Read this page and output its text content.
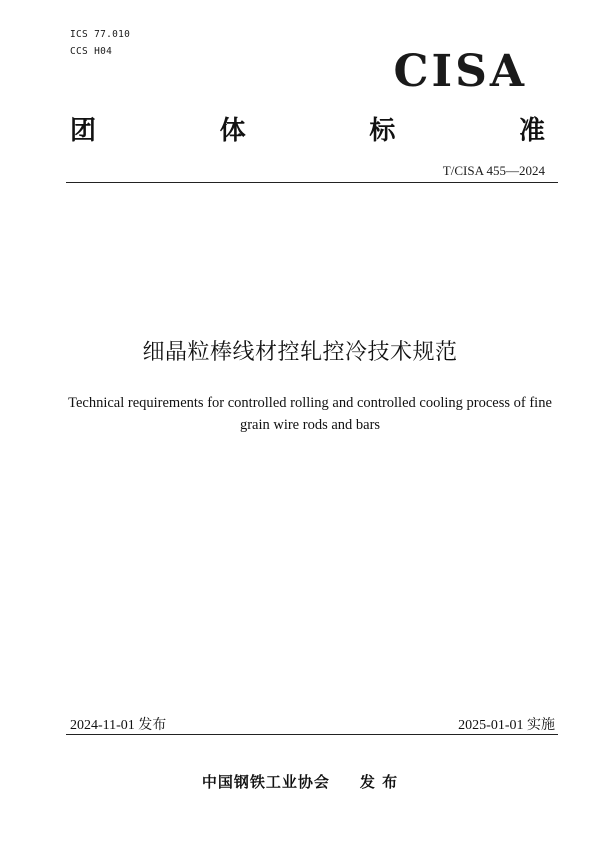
ICS 77.010
CCS H04	CISA
团	体	标	准
T/CISA 455—2024
细晶粒棒线材控轧控冷技术规范
Technical requirements for controlled rolling and controlled cooling process of fine grain wire rods and bars
2024-11-01 发布	2025-01-01 实施
中国钢铁工业协会 发 布
